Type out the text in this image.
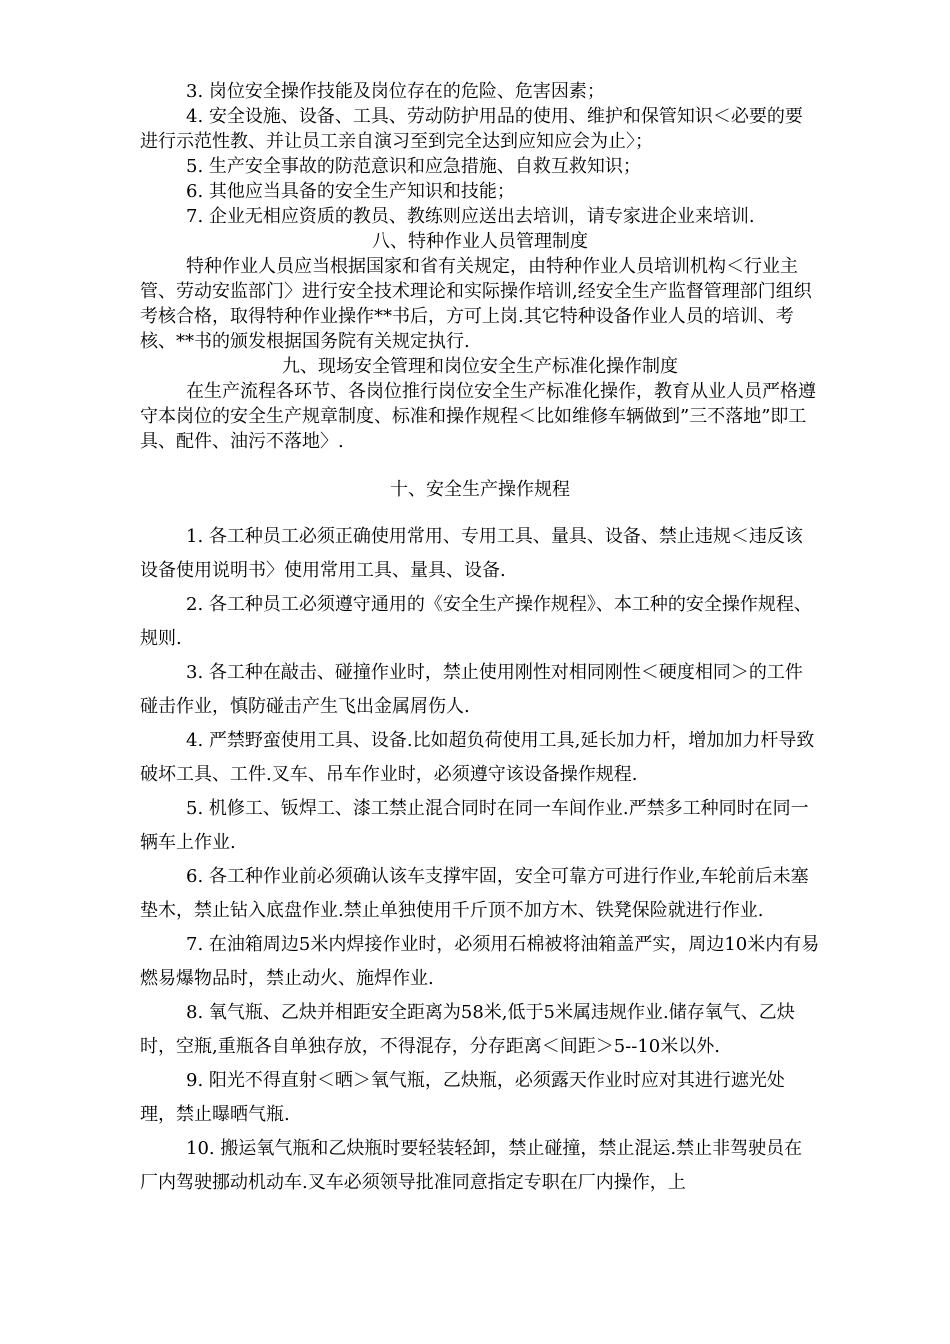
3. 岗位安全操作技能及岗位存在的危险、危害因素；

4. 安全设施、设备、工具、劳动防护用品的使用、维护和保管知识＜必要的要进行示范性教、并让员工亲自演习至到完全达到应知应会为止〉；

5. 生产安全事故的防范意识和应急措施、自救互救知识；

6. 其他应当具备的安全生产知识和技能；

7. 企业无相应资质的教员、教练则应送出去培训，请专家进企业来培训.

八、特种作业人员管理制度

特种作业人员应当根据国家和省有关规定，由特种作业人员培训机构＜行业主管、劳动安监部门〉进行安全技术理论和实际操作培训,经安全生产监督管理部门组织考核合格，取得特种作业操作**书后，方可上岗.其它特种设备作业人员的培训、考核、**书的颁发根据国务院有关规定执行.

九、现场安全管理和岗位安全生产标准化操作制度

在生产流程各环节、各岗位推行岗位安全生产标准化操作，教育从业人员严格遵守本岗位的安全生产规章制度、标准和操作规程＜比如维修车辆做到”三不落地”即工具、配件、油污不落地〉.

十、安全生产操作规程

1. 各工种员工必须正确使用常用、专用工具、量具、设备、禁止违规＜违反该设备使用说明书〉使用常用工具、量具、设备.

2. 各工种员工必须遵守通用的《安全生产操作规程》、本工种的安全操作规程、规则.

3. 各工种在敲击、碰撞作业时，禁止使用刚性对相同刚性＜硬度相同＞的工件碰击作业，慎防碰击产生飞出金属屑伤人.

4. 严禁野蛮使用工具、设备.比如超负荷使用工具,延长加力杆，增加加力杆导致破坏工具、工件.叉车、吊车作业时，必须遵守该设备操作规程.

5. 机修工、钣焊工、漆工禁止混合同时在同一车间作业.严禁多工种同时在同一辆车上作业.

6. 各工种作业前必须确认该车支撑牢固，安全可靠方可进行作业,车轮前后未塞垫木，禁止钻入底盘作业.禁止单独使用千斤顶不加方木、铁凳保险就进行作业.

7. 在油箱周边5米内焊接作业时，必须用石棉被将油箱盖严实，周边10米内有易燃易爆物品时，禁止动火、施焊作业.

8. 氧气瓶、乙炔并相距安全距离为58米,低于5米属违规作业.储存氧气、乙炔时，空瓶,重瓶各自单独存放，不得混存，分存距离＜间距＞5--10米以外.

9. 阳光不得直射＜晒＞氧气瓶，乙炔瓶，必须露天作业时应对其进行遮光处理，禁止曝晒气瓶.

10. 搬运氧气瓶和乙炔瓶时要轻装轻卸，禁止碰撞，禁止混运.禁止非驾驶员在厂内驾驶挪动机动车.叉车必须领导批准同意指定专职在厂内操作，上
